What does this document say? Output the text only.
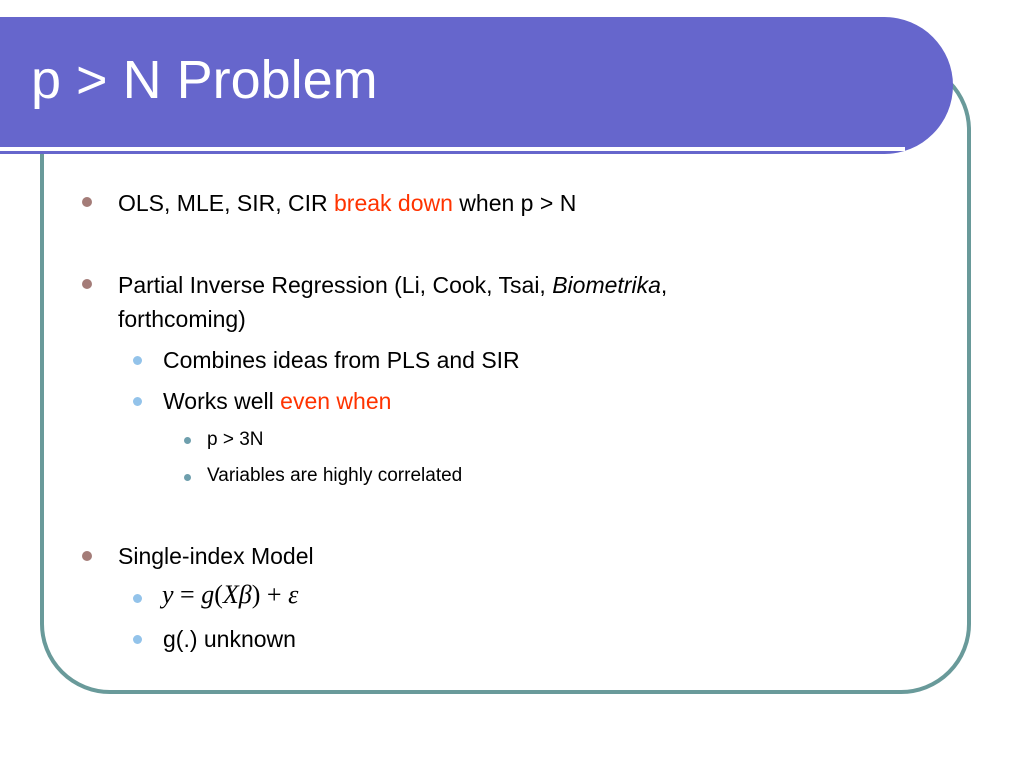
p > N Problem
OLS, MLE, SIR, CIR break down when p > N
Partial Inverse Regression (Li, Cook, Tsai, Biometrika,
forthcoming)
Combines ideas from PLS and SIR
Works well even when
p > 3N
Variables are highly correlated
Single-index Model
y = g(Xβ) + ε
g(.) unknown
